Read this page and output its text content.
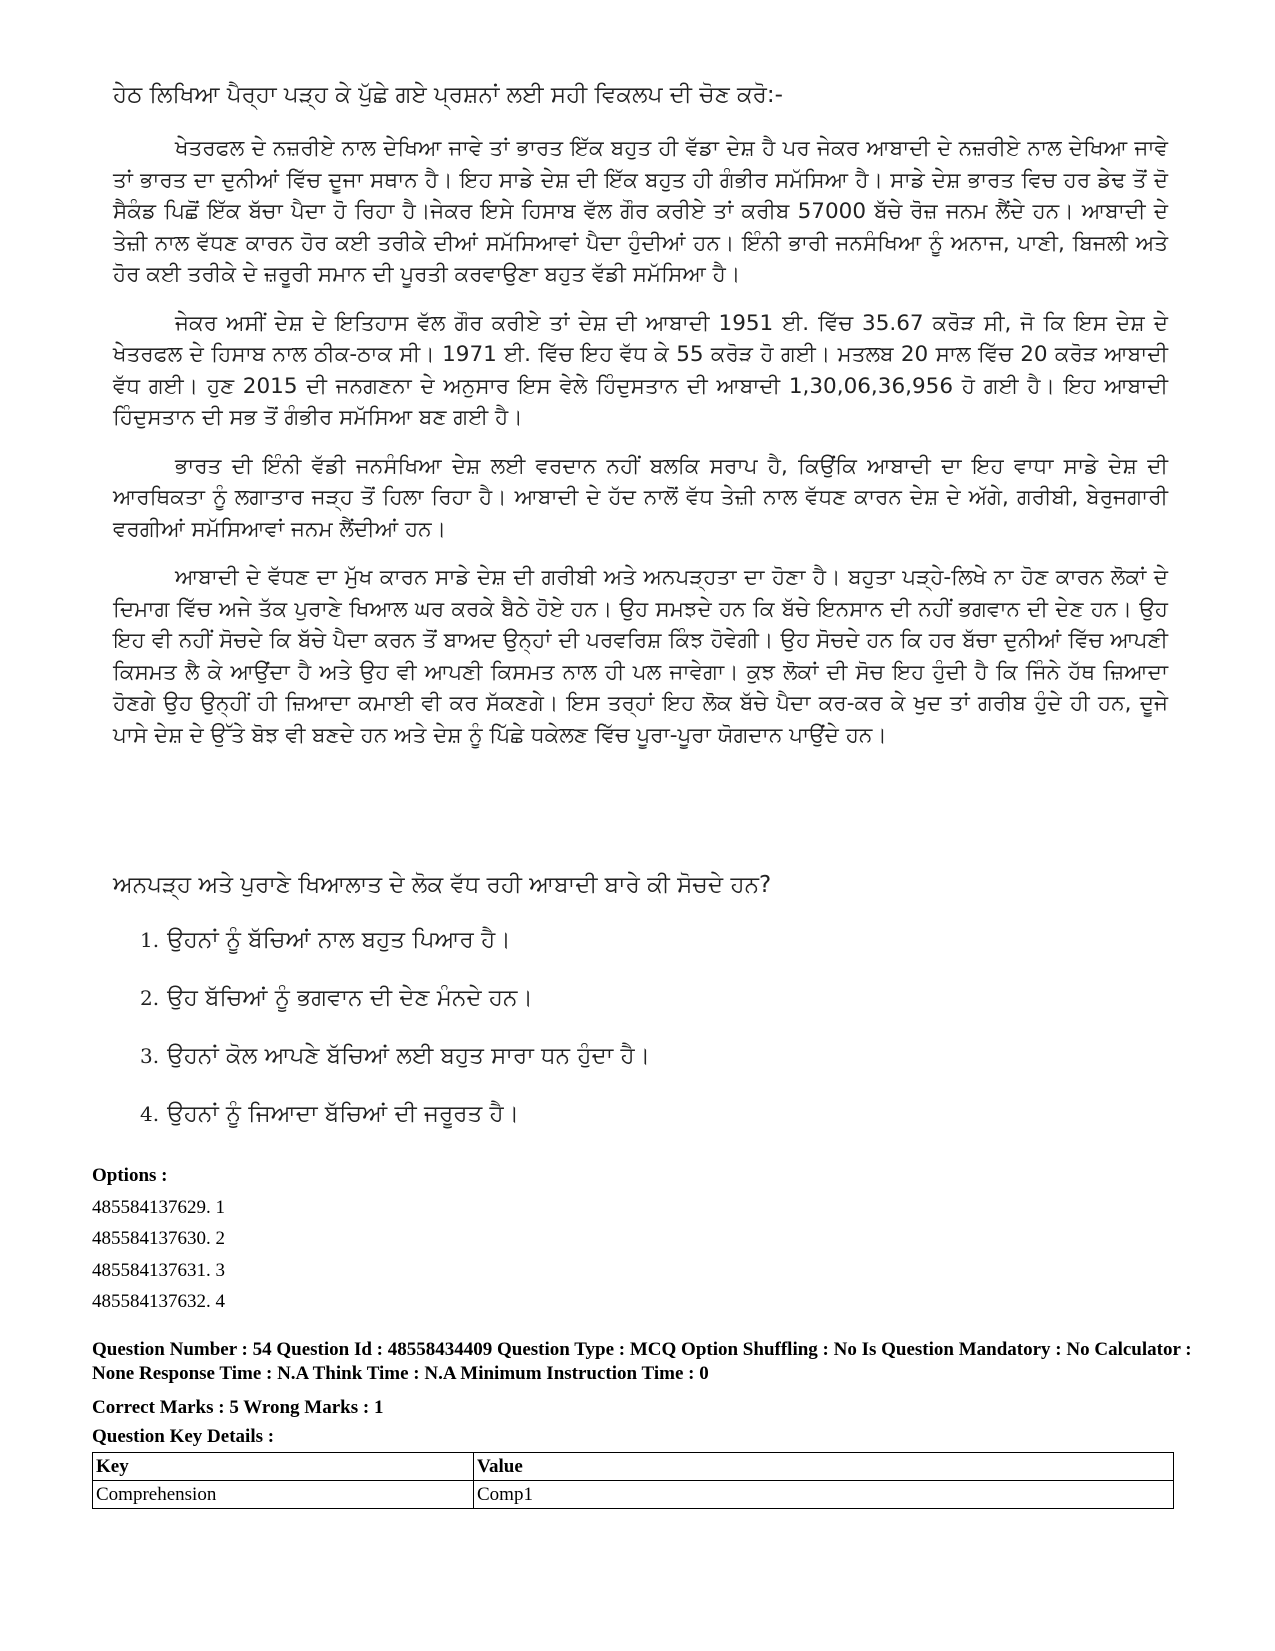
ਹੇਠ ਲਿਖਿਆ ਪੈਰ੍ਹਾ ਪੜ੍ਹ ਕੇ ਪੁੱਛੇ ਗਏ ਪ੍ਰਸ਼ਨਾਂ ਲਈ ਸਹੀ ਵਿਕਲਪ ਦੀ ਚੋਣ ਕਰੋ:-

ਖੇਤਰਫਲ ਦੇ ਨਜ਼ਰੀਏ ਨਾਲ ਦੇਖਿਆ ਜਾਵੇ ਤਾਂ ਭਾਰਤ ਇੱਕ ਬਹੁਤ ਹੀ ਵੱਡਾ ਦੇਸ਼ ਹੈ ਪਰ ਜੇਕਰ ਆਬਾਦੀ ਦੇ ਨਜ਼ਰੀਏ ਨਾਲ ਦੇਖਿਆ ਜਾਵੇ ਤਾਂ ਭਾਰਤ ਦਾ ਦੁਨੀਆਂ ਵਿੱਚ ਦੂਜਾ ਸਥਾਨ ਹੈ। ਇਹ ਸਾਡੇ ਦੇਸ਼ ਦੀ ਇੱਕ ਬਹੁਤ ਹੀ ਗੰਭੀਰ ਸਮੱਸਿਆ ਹੈ। ਸਾਡੇ ਦੇਸ਼ ਭਾਰਤ ਵਿਚ ਹਰ ਡੇਢ ਤੋਂ ਦੋ ਸੈਕੰਡ ਪਿਛੋਂ ਇੱਕ ਬੱਚਾ ਪੈਦਾ ਹੋ ਰਿਹਾ ਹੈ।ਜੇਕਰ ਇਸੇ ਹਿਸਾਬ ਵੱਲ ਗੌਰ ਕਰੀਏ ਤਾਂ ਕਰੀਬ 57000 ਬੱਚੇ ਰੋਜ਼ ਜਨਮ ਲੈਂਦੇ ਹਨ। ਆਬਾਦੀ ਦੇ ਤੇਜ਼ੀ ਨਾਲ ਵੱਧਣ ਕਾਰਨ ਹੋਰ ਕਈ ਤਰੀਕੇ ਦੀਆਂ ਸਮੱਸਿਆਵਾਂ ਪੈਦਾ ਹੁੰਦੀਆਂ ਹਨ। ਇੰਨੀ ਭਾਰੀ ਜਨਸੰਖਿਆ ਨੂੰ ਅਨਾਜ, ਪਾਣੀ, ਬਿਜਲੀ ਅਤੇ ਹੋਰ ਕਈ ਤਰੀਕੇ ਦੇ ਜ਼ਰੂਰੀ ਸਮਾਨ ਦੀ ਪੂਰਤੀ ਕਰਵਾਉਣਾ ਬਹੁਤ ਵੱਡੀ ਸਮੱਸਿਆ ਹੈ।

ਜੇਕਰ ਅਸੀਂ ਦੇਸ਼ ਦੇ ਇਤਿਹਾਸ ਵੱਲ ਗੌਰ ਕਰੀਏ ਤਾਂ ਦੇਸ਼ ਦੀ ਆਬਾਦੀ 1951 ਈ. ਵਿੱਚ 35.67 ਕਰੋੜ ਸੀ, ਜੋ ਕਿ ਇਸ ਦੇਸ਼ ਦੇ ਖੇਤਰਫਲ ਦੇ ਹਿਸਾਬ ਨਾਲ ਠੀਕ-ਠਾਕ ਸੀ। 1971 ਈ. ਵਿੱਚ ਇਹ ਵੱਧ ਕੇ 55 ਕਰੋੜ ਹੋ ਗਈ। ਮਤਲਬ 20 ਸਾਲ ਵਿੱਚ 20 ਕਰੋੜ ਆਬਾਦੀ ਵੱਧ ਗਈ। ਹੁਣ 2015 ਦੀ ਜਨਗਣਨਾ ਦੇ ਅਨੁਸਾਰ ਇਸ ਵੇਲੇ ਹਿੰਦੁਸਤਾਨ ਦੀ ਆਬਾਦੀ 1,30,06,36,956 ਹੋ ਗਈ ਹੈ। ਇਹ ਆਬਾਦੀ ਹਿੰਦੁਸਤਾਨ ਦੀ ਸਭ ਤੋਂ ਗੰਭੀਰ ਸਮੱਸਿਆ ਬਣ ਗਈ ਹੈ।

ਭਾਰਤ ਦੀ ਇੰਨੀ ਵੱਡੀ ਜਨਸੰਖਿਆ ਦੇਸ਼ ਲਈ ਵਰਦਾਨ ਨਹੀਂ ਬਲਕਿ ਸਰਾਪ ਹੈ, ਕਿਉਂਕਿ ਆਬਾਦੀ ਦਾ ਇਹ ਵਾਧਾ ਸਾਡੇ ਦੇਸ਼ ਦੀ ਆਰਥਿਕਤਾ ਨੂੰ ਲਗਾਤਾਰ ਜੜ੍ਹ ਤੋਂ ਹਿਲਾ ਰਿਹਾ ਹੈ। ਆਬਾਦੀ ਦੇ ਹੱਦ ਨਾਲੋਂ ਵੱਧ ਤੇਜ਼ੀ ਨਾਲ ਵੱਧਣ ਕਾਰਨ ਦੇਸ਼ ਦੇ ਅੱਗੇ, ਗਰੀਬੀ, ਬੇਰੁਜਗਾਰੀ ਵਰਗੀਆਂ ਸਮੱਸਿਆਵਾਂ ਜਨਮ ਲੈਂਦੀਆਂ ਹਨ।

ਆਬਾਦੀ ਦੇ ਵੱਧਣ ਦਾ ਮੁੱਖ ਕਾਰਨ ਸਾਡੇ ਦੇਸ਼ ਦੀ ਗਰੀਬੀ ਅਤੇ ਅਨਪੜ੍ਹਤਾ ਦਾ ਹੋਣਾ ਹੈ। ਬਹੁਤਾ ਪੜ੍ਹੇ-ਲਿਖੇ ਨਾ ਹੋਣ ਕਾਰਨ ਲੋਕਾਂ ਦੇ ਦਿਮਾਗ ਵਿੱਚ ਅਜੇ ਤੱਕ ਪੁਰਾਣੇ ਖਿਆਲ ਘਰ ਕਰਕੇ ਬੈਠੇ ਹੋਏ ਹਨ। ਉਹ ਸਮਝਦੇ ਹਨ ਕਿ ਬੱਚੇ ਇਨਸਾਨ ਦੀ ਨਹੀਂ ਭਗਵਾਨ ਦੀ ਦੇਣ ਹਨ। ਉਹ ਇਹ ਵੀ ਨਹੀਂ ਸੋਚਦੇ ਕਿ ਬੱਚੇ ਪੈਦਾ ਕਰਨ ਤੋਂ ਬਾਅਦ ਉਨ੍ਹਾਂ ਦੀ ਪਰਵਰਿਸ਼ ਕਿੰਝ ਹੋਵੇਗੀ। ਉਹ ਸੋਚਦੇ ਹਨ ਕਿ ਹਰ ਬੱਚਾ ਦੁਨੀਆਂ ਵਿੱਚ ਆਪਣੀ ਕਿਸਮਤ ਲੈ ਕੇ ਆਉਂਦਾ ਹੈ ਅਤੇ ਉਹ ਵੀ ਆਪਣੀ ਕਿਸਮਤ ਨਾਲ ਹੀ ਪਲ ਜਾਵੇਗਾ। ਕੁਝ ਲੋਕਾਂ ਦੀ ਸੋਚ ਇਹ ਹੁੰਦੀ ਹੈ ਕਿ ਜਿੰਨੇ ਹੱਥ ਜ਼ਿਆਦਾ ਹੋਣਗੇ ਉਹ ਉਨ੍ਹੀਂ ਹੀ ਜ਼ਿਆਦਾ ਕਮਾਈ ਵੀ ਕਰ ਸੱਕਣਗੇ। ਇਸ ਤਰ੍ਹਾਂ ਇਹ ਲੋਕ ਬੱਚੇ ਪੈਦਾ ਕਰ-ਕਰ ਕੇ ਖੁਦ ਤਾਂ ਗਰੀਬ ਹੁੰਦੇ ਹੀ ਹਨ, ਦੂਜੇ ਪਾਸੇ ਦੇਸ਼ ਦੇ ਉੱਤੇ ਬੋਝ ਵੀ ਬਣਦੇ ਹਨ ਅਤੇ ਦੇਸ਼ ਨੂੰ ਪਿੱਛੇ ਧਕੇਲਣ ਵਿੱਚ ਪੂਰਾ-ਪੂਰਾ ਯੋਗਦਾਨ ਪਾਉਂਦੇ ਹਨ।

ਅਨਪੜ੍ਹ ਅਤੇ ਪੁਰਾਣੇ ਖਿਆਲਾਤ ਦੇ ਲੋਕ ਵੱਧ ਰਹੀ ਆਬਾਦੀ ਬਾਰੇ ਕੀ ਸੋਚਦੇ ਹਨ?
1. ਉਹਨਾਂ ਨੂੰ ਬੱਚਿਆਂ ਨਾਲ ਬਹੁਤ ਪਿਆਰ ਹੈ।
2. ਉਹ ਬੱਚਿਆਂ ਨੂੰ ਭਗਵਾਨ ਦੀ ਦੇਣ ਮੰਨਦੇ ਹਨ।
3. ਉਹਨਾਂ ਕੋਲ ਆਪਣੇ ਬੱਚਿਆਂ ਲਈ ਬਹੁਤ ਸਾਰਾ ਧਨ ਹੁੰਦਾ ਹੈ।
4. ਉਹਨਾਂ ਨੂੰ ਜਿਆਦਾ ਬੱਚਿਆਂ ਦੀ ਜਰੂਰਤ ਹੈ।
Options :
485584137629. 1
485584137630. 2
485584137631. 3
485584137632. 4
Question Number : 54 Question Id : 48558434409 Question Type : MCQ Option Shuffling : No Is Question Mandatory : No Calculator : None Response Time : N.A Think Time : N.A Minimum Instruction Time : 0
Correct Marks : 5 Wrong Marks : 1
Question Key Details :
Key	Value
Comprehension	Comp1
